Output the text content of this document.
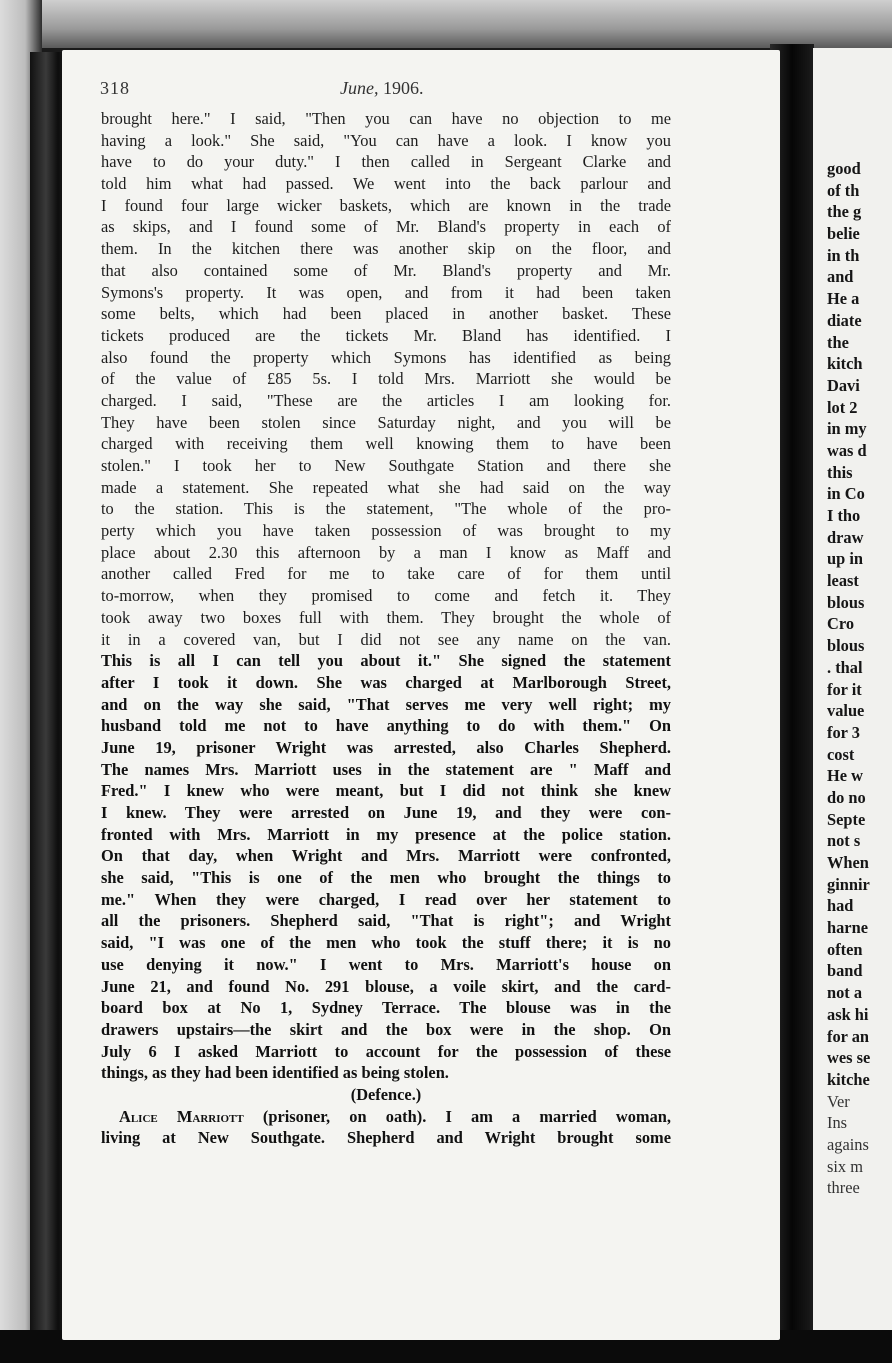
318	June, 1906.
brought here." I said, "Then you can have no objection to me
having a look." She said, "You can have a look. I know you
have to do your duty." I then called in Sergeant Clarke and
told him what had passed. We went into the back parlour and
I found four large wicker baskets, which are known in the trade
as skips, and I found some of Mr. Bland's property in each of
them. In the kitchen there was another skip on the floor, and
that also contained some of Mr. Bland's property and Mr.
Symons's property. It was open, and from it had been taken
some belts, which had been placed in another basket. These
tickets produced are the tickets Mr. Bland has identified. I
also found the property which Symons has identified as being
of the value of £85 5s. I told Mrs. Marriott she would be
charged. I said, "These are the articles I am looking for.
They have been stolen since Saturday night, and you will be
charged with receiving them well knowing them to have been
stolen." I took her to New Southgate Station and there she
made a statement. She repeated what she had said on the way
to the station. This is the statement, "The whole of the pro-
perty which you have taken possession of was brought to my
place about 2.30 this afternoon by a man I know as Maff and
another called Fred for me to take care of for them until
to-morrow, when they promised to come and fetch it. They
took away two boxes full with them. They brought the whole of
it in a covered van, but I did not see any name on the van.
This is all I can tell you about it." She signed the statement
after I took it down. She was charged at Marlborough Street,
and on the way she said, "That serves me very well right; my
husband told me not to have anything to do with them." On
June 19, prisoner Wright was arrested, also Charles Shepherd.
The names Mrs. Marriott uses in the statement are " Maff and
Fred." I knew who were meant, but I did not think she knew
I knew. They were arrested on June 19, and they were con-
fronted with Mrs. Marriott in my presence at the police station.
On that day, when Wright and Mrs. Marriott were confronted,
she said, "This is one of the men who brought the things to
me." When they were charged, I read over her statement to
all the prisoners. Shepherd said, "That is right"; and Wright
said, "I was one of the men who took the stuff there; it is no
use denying it now." I went to Mrs. Marriott's house on
June 21, and found No. 291 blouse, a voile skirt, and the card-
board box at No 1, Sydney Terrace. The blouse was in the
drawers upstairs—the skirt and the box were in the shop. On
July 6 I asked Marriott to account for the possession of these
things, as they had been identified as being stolen.
(Defence.)
Alice Marriott (prisoner, on oath). I am a married woman,
living at New Southgate. Shepherd and Wright brought some
good
of th
the g
belie
in th
and
He a
diate
the
kitch
Davi
lot 2
in my
was d
this
in Co
I tho
draw
up in
least
blous
Cro
blous
. thal
for it
value
for 3
cost
He w
do no
Septe
not s
When
ginnir
had
harne
often
band
not a
ask hi
for an
wes se
kitche
Ver
Ins
agains
six m
three
